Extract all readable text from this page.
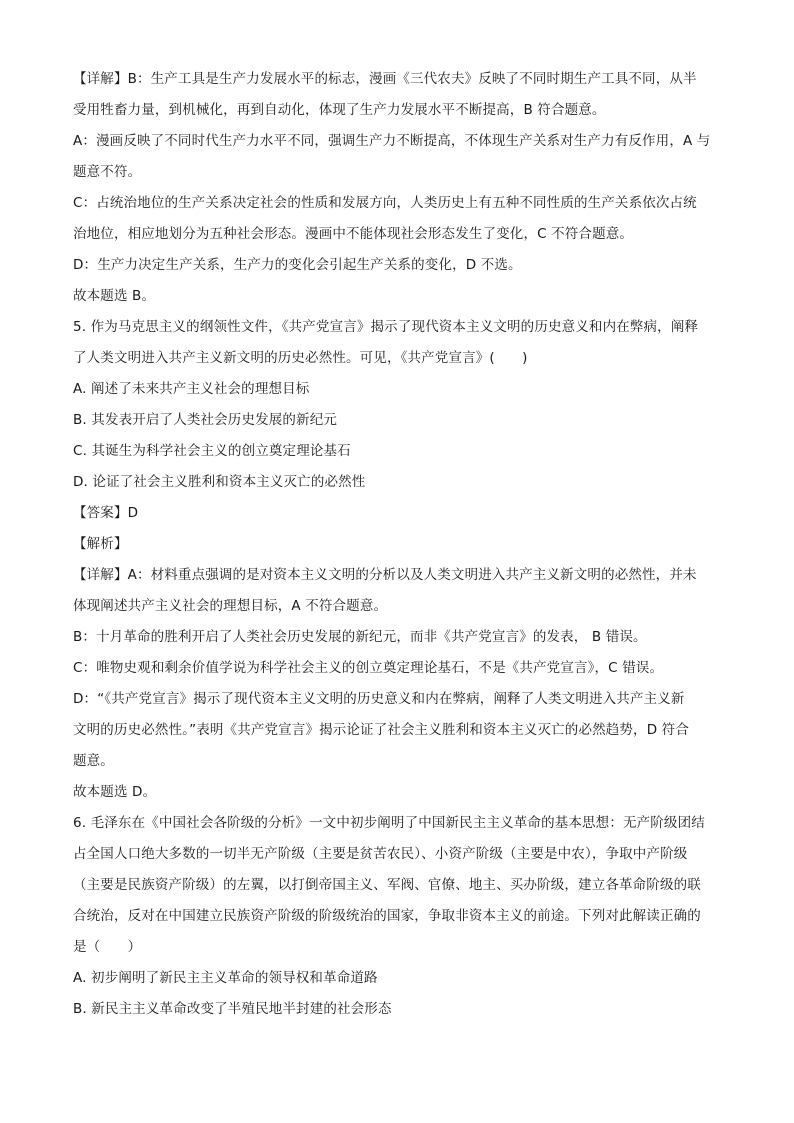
【详解】B：生产工具是生产力发展水平的标志，漫画《三代农夫》反映了不同时期生产工具不同，从半
受用牲畜力量，到机械化，再到自动化，体现了生产力发展水平不断提高，B 符合题意。
A：漫画反映了不同时代生产力水平不同，强调生产力不断提高，不体现生产关系对生产力有反作用，A 与
题意不符。
C：占统治地位的生产关系决定社会的性质和发展方向，人类历史上有五种不同性质的生产关系依次占统
治地位，相应地划分为五种社会形态。漫画中不能体现社会形态发生了变化，C 不符合题意。
D：生产力决定生产关系，生产力的变化会引起生产关系的变化，D 不选。
故本题选 B。
5. 作为马克思主义的纲领性文件，《共产党宣言》揭示了现代资本主义文明的历史意义和内在弊病，阐释
了人类文明进入共产主义新文明的历史必然性。可见，《共产党宣言》(　　)
A. 阐述了未来共产主义社会的理想目标
B. 其发表开启了人类社会历史发展的新纪元
C. 其诞生为科学社会主义的创立奠定理论基石
D. 论证了社会主义胜利和资本主义灭亡的必然性
【答案】D
【解析】
【详解】A：材料重点强调的是对资本主义文明的分析以及人类文明进入共产主义新文明的必然性，并未
体现阐述共产主义社会的理想目标，A 不符合题意。
B：十月革命的胜利开启了人类社会历史发展的新纪元，而非《共产党宣言》的发表， B 错误。
C：唯物史观和剩余价值学说为科学社会主义的创立奠定理论基石，不是《共产党宣言》，C 错误。
D：“《共产党宣言》揭示了现代资本主义文明的历史意义和内在弊病，阐释了人类文明进入共产主义新
文明的历史必然性。”表明《共产党宣言》揭示论证了社会主义胜利和资本主义灭亡的必然趋势，D 符合
题意。
故本题选 D。
6. 毛泽东在《中国社会各阶级的分析》一文中初步阐明了中国新民主主义革命的基本思想：无产阶级团结
占全国人口绝大多数的一切半无产阶级（主要是贫苦农民）、小资产阶级（主要是中农），争取中产阶级
（主要是民族资产阶级）的左翼，以打倒帝国主义、军阀、官僚、地主、买办阶级，建立各革命阶级的联
合统治，反对在中国建立民族资产阶级的阶级统治的国家，争取非资本主义的前途。下列对此解读正确的
是（　　）
A. 初步阐明了新民主主义革命的领导权和革命道路
B. 新民主主义革命改变了半殖民地半封建的社会形态
